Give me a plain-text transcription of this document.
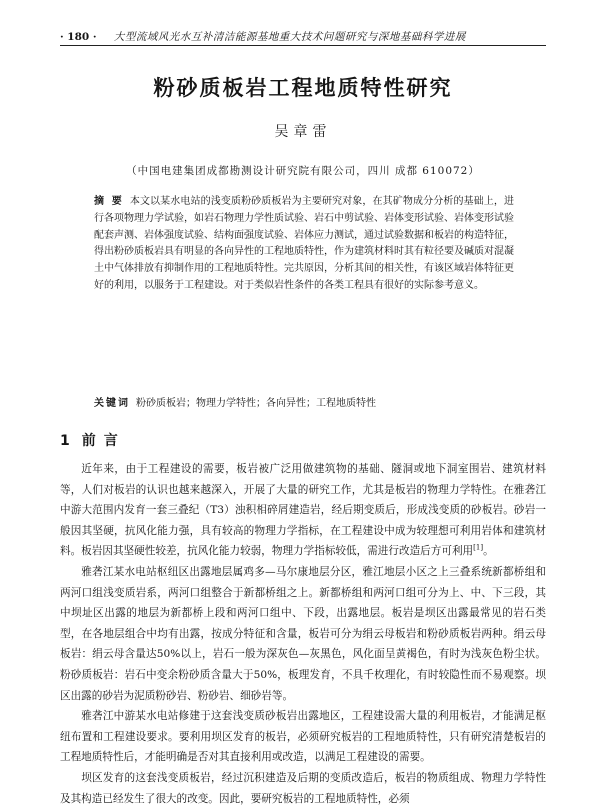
· 180 · 大型流域风光水互补清洁能源基地重大技术问题研究与深地基础科学进展
粉砂质板岩工程地质特性研究
吴章雷
（中国电建集团成都勘测设计研究院有限公司，四川 成都 610072）
摘 要 本文以某水电站的浅变质粉砂质板岩为主要研究对象，在其矿物成分分析的基础上，进行各项物理力学试验，如岩石物理力学性质试验、岩石中剪试验、岩体变形试验、岩体变形试验配套声测、岩体强度试验、结构面强度试验、岩体应力测试，通过试验数据和板岩的构造特征，得出粉砂质板岩具有明显的各向异性的工程地质特性，作为建筑材料时其有粒径要及碱质对混凝土中气体排放有抑制作用的工程地质特性。完共原因，分析其间的相关性，有该区域岩体特征更好的利用，以服务于工程建设。对于类似岩性条件的各类工程具有很好的实际参考意义。
关键词 粉砂质板岩；物理力学特性；各向异性；工程地质特性
1 前言

近年来，由于工程建设的需要，板岩被广泛用做建筑物的基础、隧洞或地下洞室围岩、建筑材料等，人们对板岩的认识也越来越深入，开展了大量的研究工作，尤其是板岩的物理力学特性。在雅砻江中游大范围内发育一套三叠纪（T3）浊积相碎屑建造岩，经后期变质后，形成浅变质的砂板岩。砂岩一般因其坚硬，抗风化能力强，具有较高的物理力学指标，在工程建设中成为较理想可利用岩体和建筑材料。板岩因其坚硬性较差，抗风化能力较弱，物理力学指标较低，需进行改造后方可利用[1]。

雅砻江某水电站枢纽区出露地层属鸡多—马尔康地层分区，雅江地层小区之上三叠系统新都桥组和两河口组浅变质岩系，两河口组整合于新都桥组之上。新都桥组和两河口组可分为上、中、下三段，其中坝址区出露的地层为新都桥上段和两河口组中、下段，出露地层。板岩是坝区出露最常见的岩石类型，在各地层组合中均有出露，按成分特征和含量，板岩可分为绢云母板岩和粉砂质板岩两种。绢云母板岩：绢云母含量达50%以上，岩石一般为深灰色—灰黑色，风化面呈黄褐色，有时为浅灰色粉尘状。粉砂质板岩：岩石中变余粉砂质含量大于50%，板理发育，不具千枚理化，有时较隐性而不易观察。坝区出露的砂岩为泥质粉砂岩、粉砂岩、细砂岩等。

雅砻江中游某水电站修建于这套浅变质砂板岩出露地区，工程建设需大量的利用板岩，才能满足枢纽布置和工程建设要求。要利用坝区发育的板岩，必须研究板岩的工程地质特性，只有研究清楚板岩的工程地质特性后，才能明确是否对其直接利用或改造，以满足工程建设的需要。

坝区发育的这套浅变质板岩，经过沉积建造及后期的变质改造后，板岩的物质组成、物理力学特性及其构造已经发生了很大的改变。因此，要研究板岩的工程地质特性，必须
